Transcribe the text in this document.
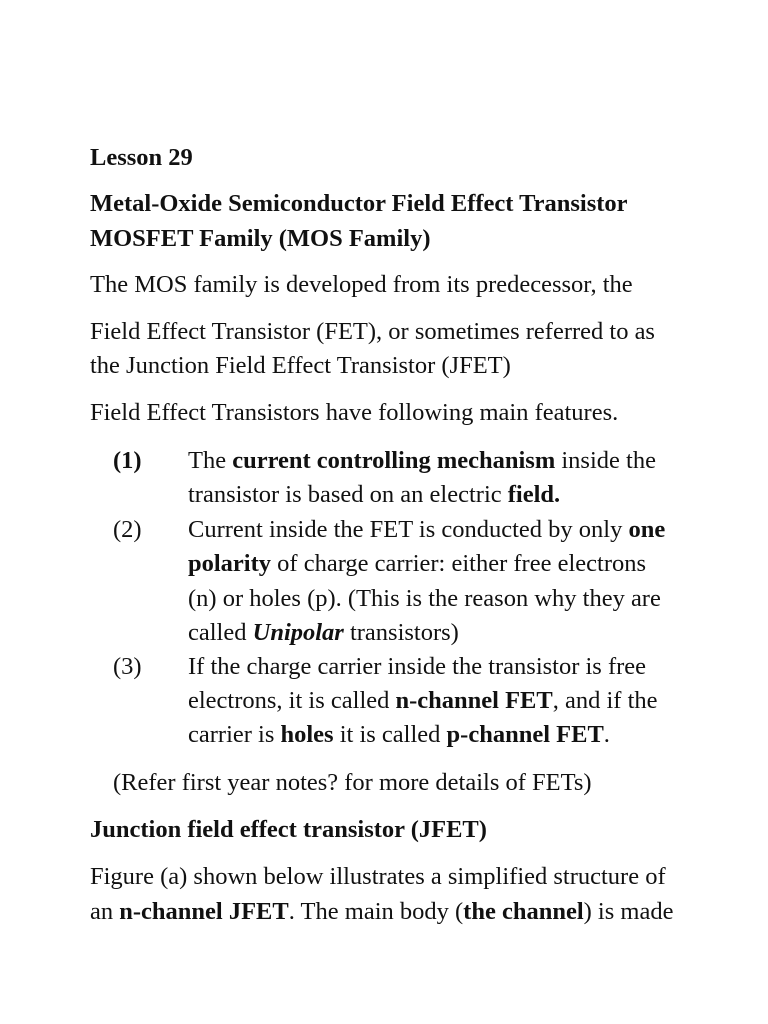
Lesson 29
Metal-Oxide Semiconductor Field Effect Transistor
MOSFET Family (MOS Family)
The MOS family is developed from its predecessor, the
Field Effect Transistor (FET), or sometimes referred to as
the Junction Field Effect Transistor (JFET)
Field Effect Transistors have following main features.
(1) The current controlling mechanism inside the
transistor is based on an electric field.
(2) Current inside the FET is conducted by only one
polarity of charge carrier: either free electrons
(n) or holes (p). (This is the reason why they are
called Unipolar transistors)
(3) If the charge carrier inside the transistor is free
electrons, it is called n-channel FET, and if the
carrier is holes it is called p-channel FET.
(Refer first year notes? for more details of FETs)
Junction field effect transistor (JFET)
Figure (a) shown below illustrates a simplified structure of
an n-channel JFET. The main body (the channel) is made
